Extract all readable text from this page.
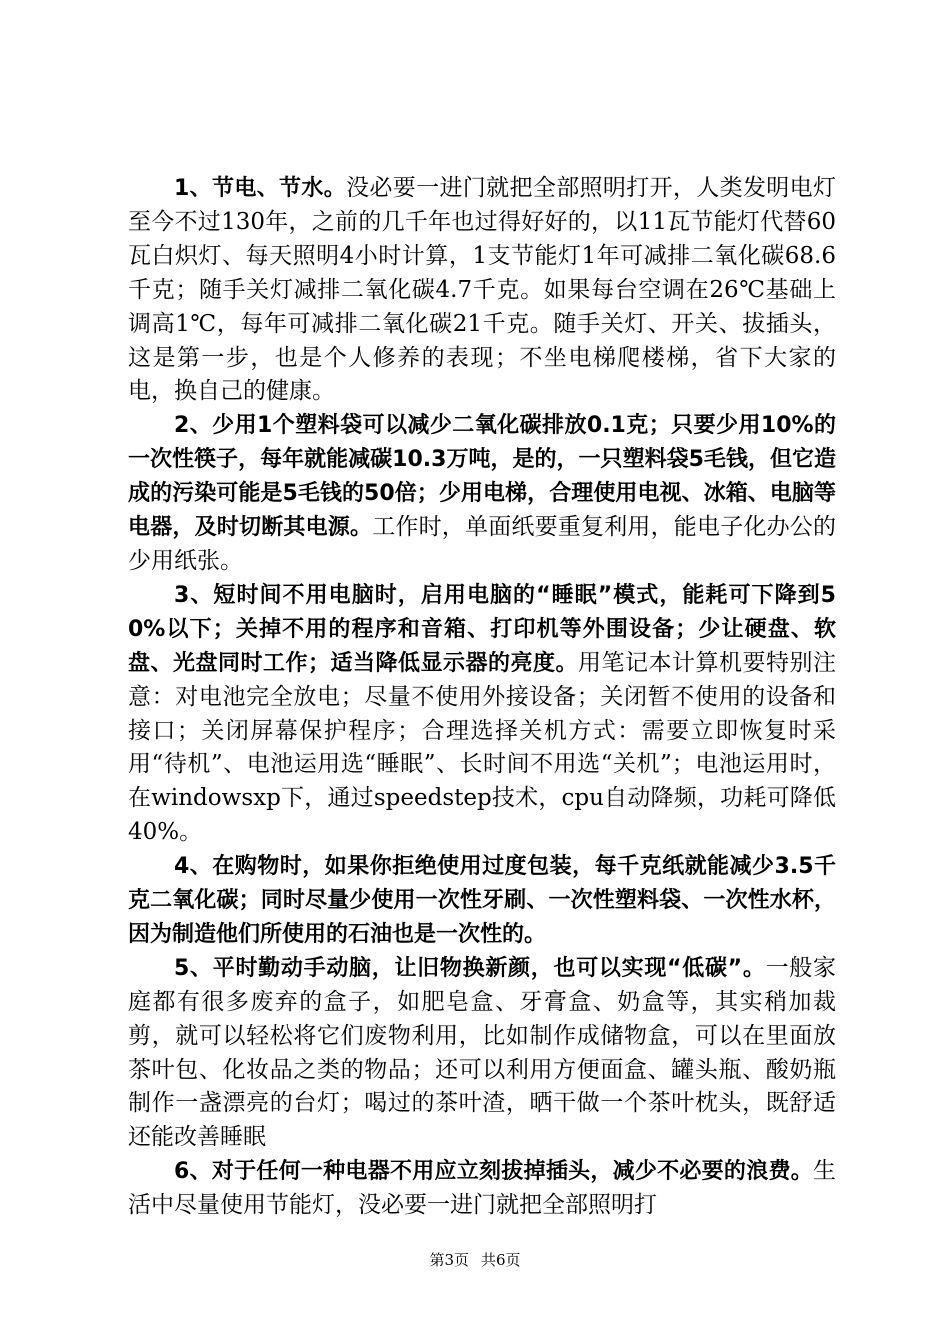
1、节电、节水。没必要一进门就把全部照明打开，人类发明电灯至今不过130年，之前的几千年也过得好好的，以11瓦节能灯代替60瓦白炽灯、每天照明4小时计算，1支节能灯1年可减排二氧化碳68.6千克；随手关灯减排二氧化碳4.7千克。如果每台空调在26℃基础上调高1℃，每年可减排二氧化碳21千克。随手关灯、开关、拔插头，这是第一步，也是个人修养的表现；不坐电梯爬楼梯，省下大家的电，换自己的健康。

2、少用1个塑料袋可以减少二氧化碳排放0.1克；只要少用10%的一次性筷子，每年就能减碳10.3万吨，是的，一只塑料袋5毛钱，但它造成的污染可能是5毛钱的50倍；少用电梯，合理使用电视、冰箱、电脑等电器，及时切断其电源。工作时，单面纸要重复利用，能电子化办公的少用纸张。

3、短时间不用电脑时，启用电脑的“睡眠”模式，能耗可下降到50%以下；关掉不用的程序和音箱、打印机等外围设备；少让硬盘、软盘、光盘同时工作；适当降低显示器的亮度。用笔记本计算机要特别注意：对电池完全放电；尽量不使用外接设备；关闭暂不使用的设备和接口；关闭屏幕保护程序；合理选择关机方式：需要立即恢复时采用“待机”、电池运用选“睡眠”、长时间不用选“关机”；电池运用时，在windowsxp下，通过speedstep技术，cpu自动降频，功耗可降低40%。

4、在购物时，如果你拒绝使用过度包装，每千克纸就能减少3.5千克二氧化碳；同时尽量少使用一次性牙刷、一次性塑料袋、一次性水杯，因为制造他们所使用的石油也是一次性的。

5、平时勤动手动脑，让旧物换新颜，也可以实现“低碳”。一般家庭都有很多废弃的盒子，如肥皂盒、牙膏盒、奶盒等，其实稍加裁剪，就可以轻松将它们废物利用，比如制作成储物盒，可以在里面放茶叶包、化妆品之类的物品；还可以利用方便面盒、罐头瓶、酸奶瓶制作一盏漂亮的台灯；喝过的茶叶渣，晒干做一个茶叶枕头，既舒适还能改善睡眠

6、对于任何一种电器不用应立刻拔掉插头，减少不必要的浪费。生活中尽量使用节能灯，没必要一进门就把全部照明打

第3页 共6页
